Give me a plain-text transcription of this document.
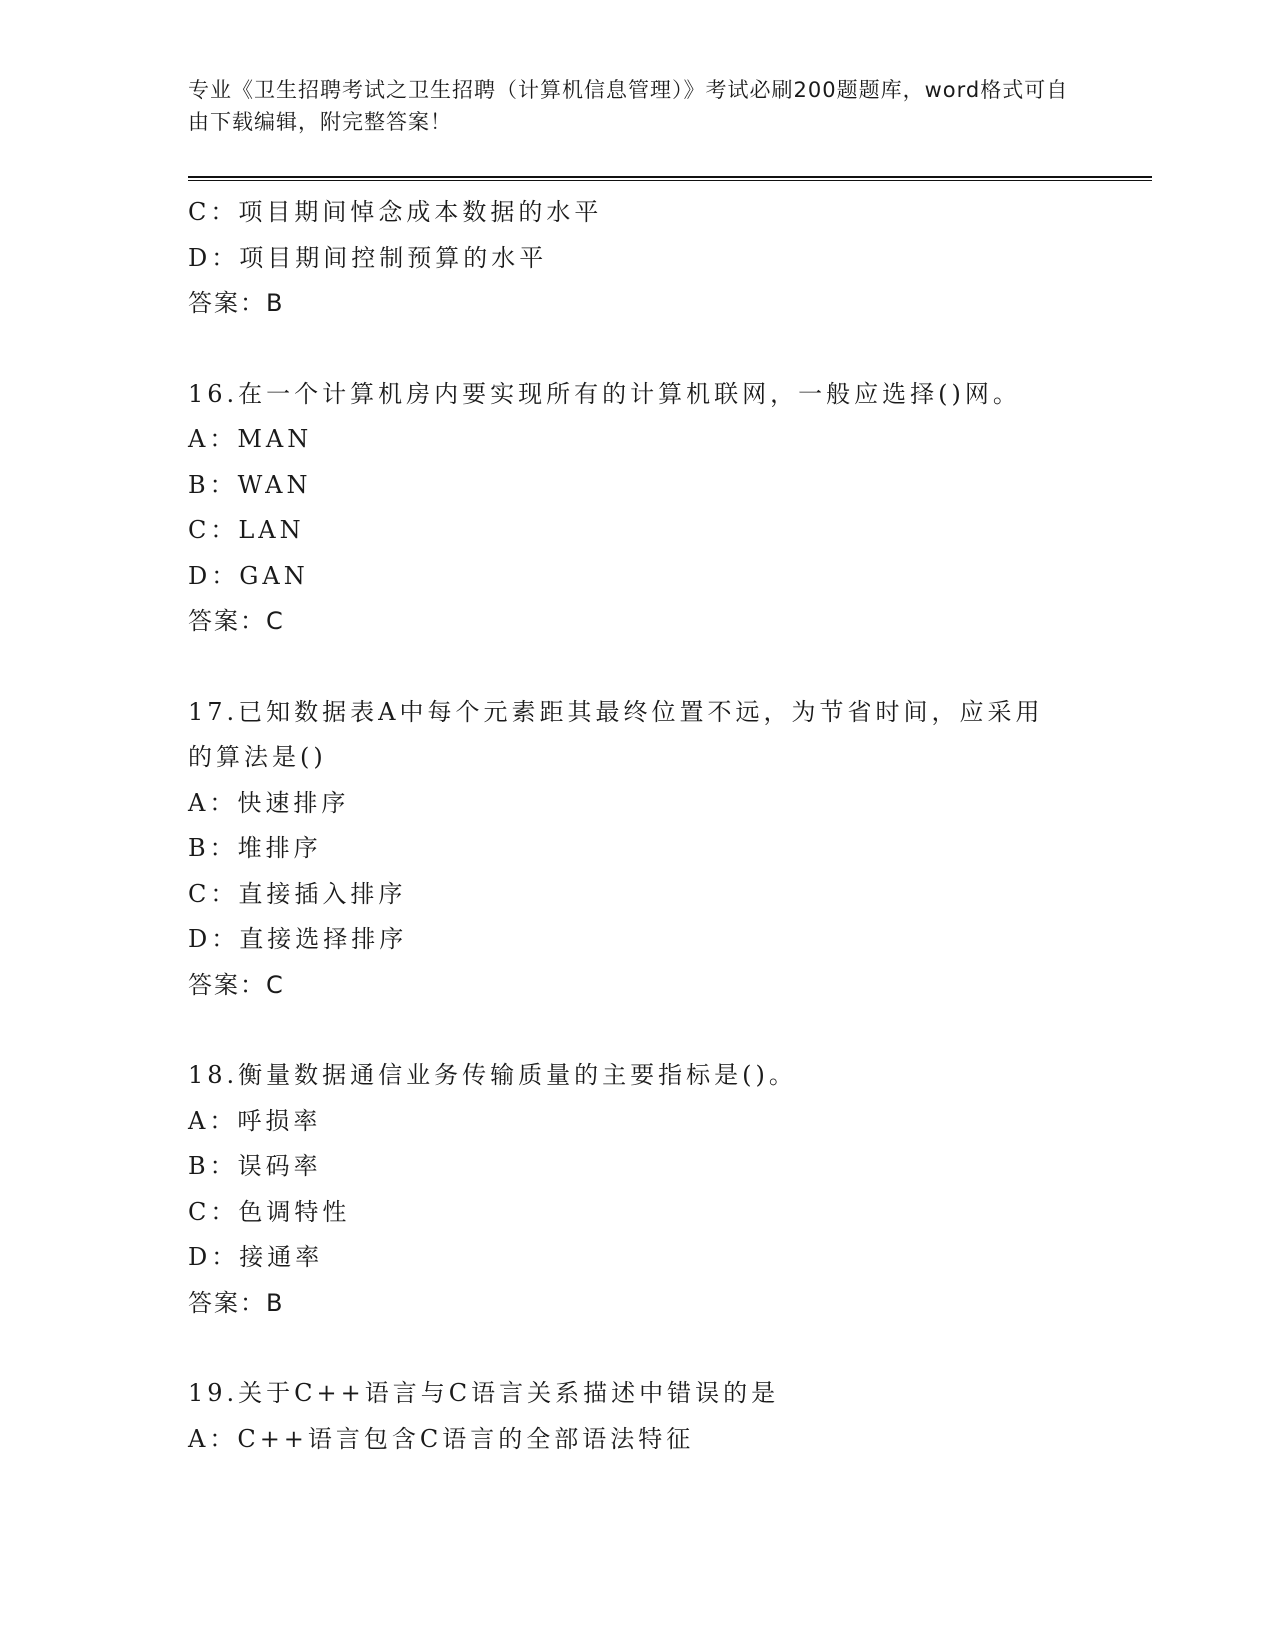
专业《卫生招聘考试之卫生招聘（计算机信息管理）》考试必刷200题题库，word格式可自由下载编辑，附完整答案！
C：项目期间悼念成本数据的水平
D：项目期间控制预算的水平
答案：B
16.在一个计算机房内要实现所有的计算机联网，一般应选择()网。
A：MAN
B：WAN
C：LAN
D：GAN
答案：C
17.已知数据表A中每个元素距其最终位置不远，为节省时间，应采用的算法是()
A：快速排序
B：堆排序
C：直接插入排序
D：直接选择排序
答案：C
18.衡量数据通信业务传输质量的主要指标是()。
A：呼损率
B：误码率
C：色调特性
D：接通率
答案：B
19.关于C++语言与C语言关系描述中错误的是
A：C++语言包含C语言的全部语法特征
